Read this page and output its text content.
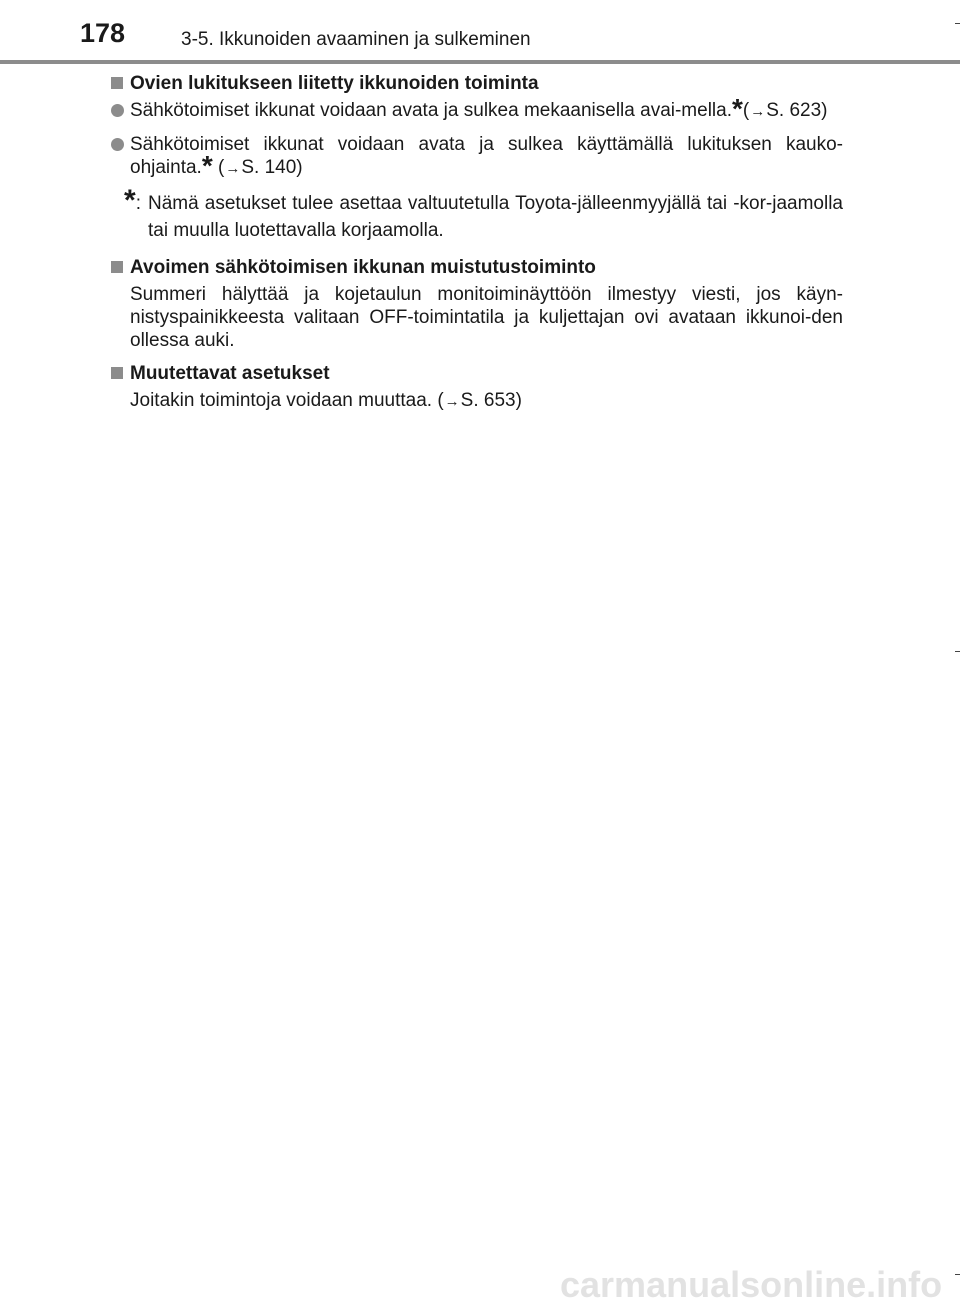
178	3-5. Ikkunoiden avaaminen ja sulkeminen
Ovien lukitukseen liitetty ikkunoiden toiminta
Sähkötoimiset ikkunat voidaan avata ja sulkea mekaanisella avai-mella.*(→S. 623)
Sähkötoimiset ikkunat voidaan avata ja sulkea käyttämällä lukituksen kauko-ohjainta.* (→S. 140)
*: Nämä asetukset tulee asettaa valtuutetulla Toyota-jälleenmyyjällä tai -kor-jaamolla tai muulla luotettavalla korjaamolla.
Avoimen sähkötoimisen ikkunan muistutustoiminto
Summeri hälyttää ja kojetaulun monitoiminäyttöön ilmestyy viesti, jos käyn-nistyspainikkeesta valitaan OFF-toimintatila ja kuljettajan ovi avataan ikkunoi-den ollessa auki.
Muutettavat asetukset
Joitakin toimintoja voidaan muuttaa. (→S. 653)
carmanualsonline.info
